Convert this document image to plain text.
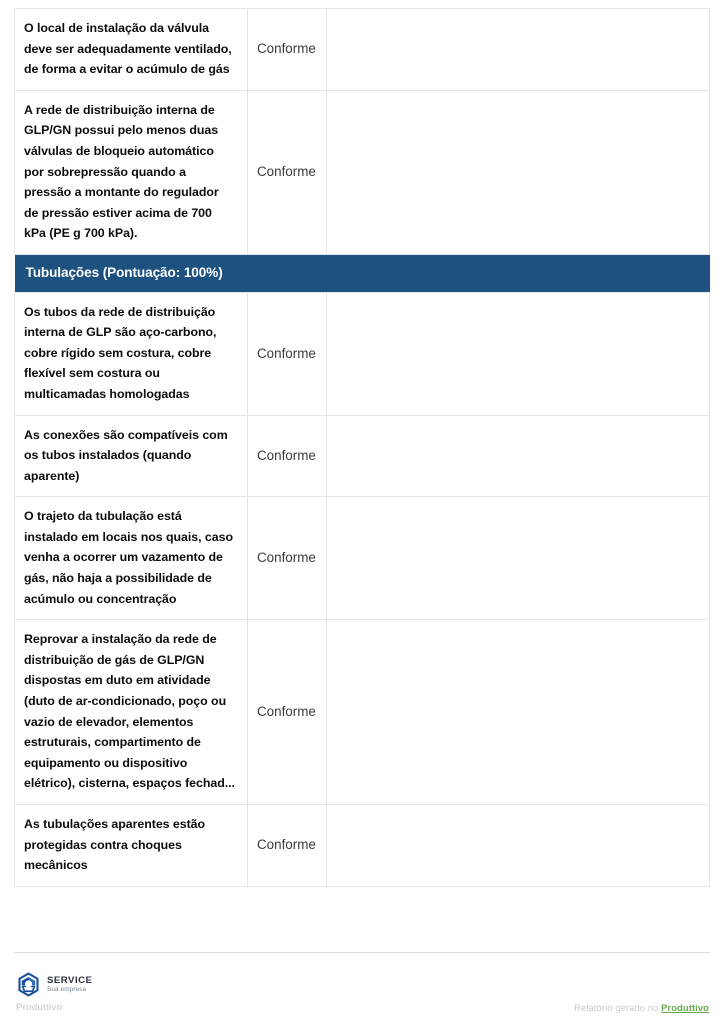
O local de instalação da válvula deve ser adequadamente ventilado, de forma a evitar o acúmulo de gás	Conforme	
A rede de distribuição interna de GLP/GN possui pelo menos duas válvulas de bloqueio automático por sobrepressão quando a pressão a montante do regulador de pressão estiver acima de 700 kPa (PE g 700 kPa).	Conforme	

Tubulações (Pontuação: 100%)		

Os tubos da rede de distribuição interna de GLP são aço-carbono, cobre rígido sem costura, cobre flexível sem costura ou multicamadas homologadas	Conforme	
As conexões são compatíveis com os tubos instalados (quando aparente)	Conforme	
O trajeto da tubulação está instalado em locais nos quais, caso venha a ocorrer um vazamento de gás, não haja a possibilidade de acúmulo ou concentração	Conforme	
Reprovar a instalação da rede de distribuição de gás de GLP/GN dispostas em duto em atividade (duto de ar-condicionado, poço ou vazio de elevador, elementos estruturais, compartimento de equipamento ou dispositivo elétrico), cisterna, espaços fechad...	Conforme	
As tubulações aparentes estão protegidas contra choques mecânicos	Conforme	

SERVICE
Sua empresa
Produttivo	Relatório gerado no Produttivo
